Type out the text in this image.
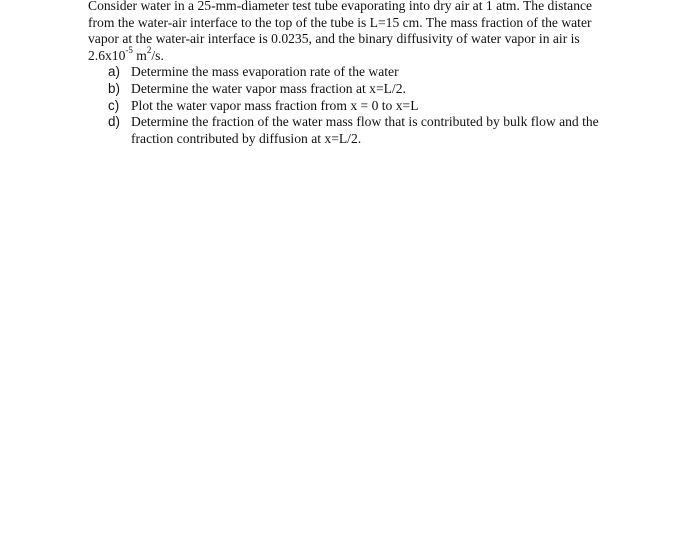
Consider water in a 25-mm-diameter test tube evaporating into dry air at 1 atm. The distance
from the water-air interface to the top of the tube is L=15 cm. The mass fraction of the water
vapor at the water-air interface is 0.0235, and the binary diffusivity of water vapor in air is
$2.6x10^{-5}$ $m^2/s$.

a) Determine the mass evaporation rate of the water
b) Determine the water vapor mass fraction at x=L/2.
c) Plot the water vapor mass fraction from x = 0 to x=L
d) Determine the fraction of the water mass flow that is contributed by bulk flow and the
fraction contributed by diffusion at x=L/2.
